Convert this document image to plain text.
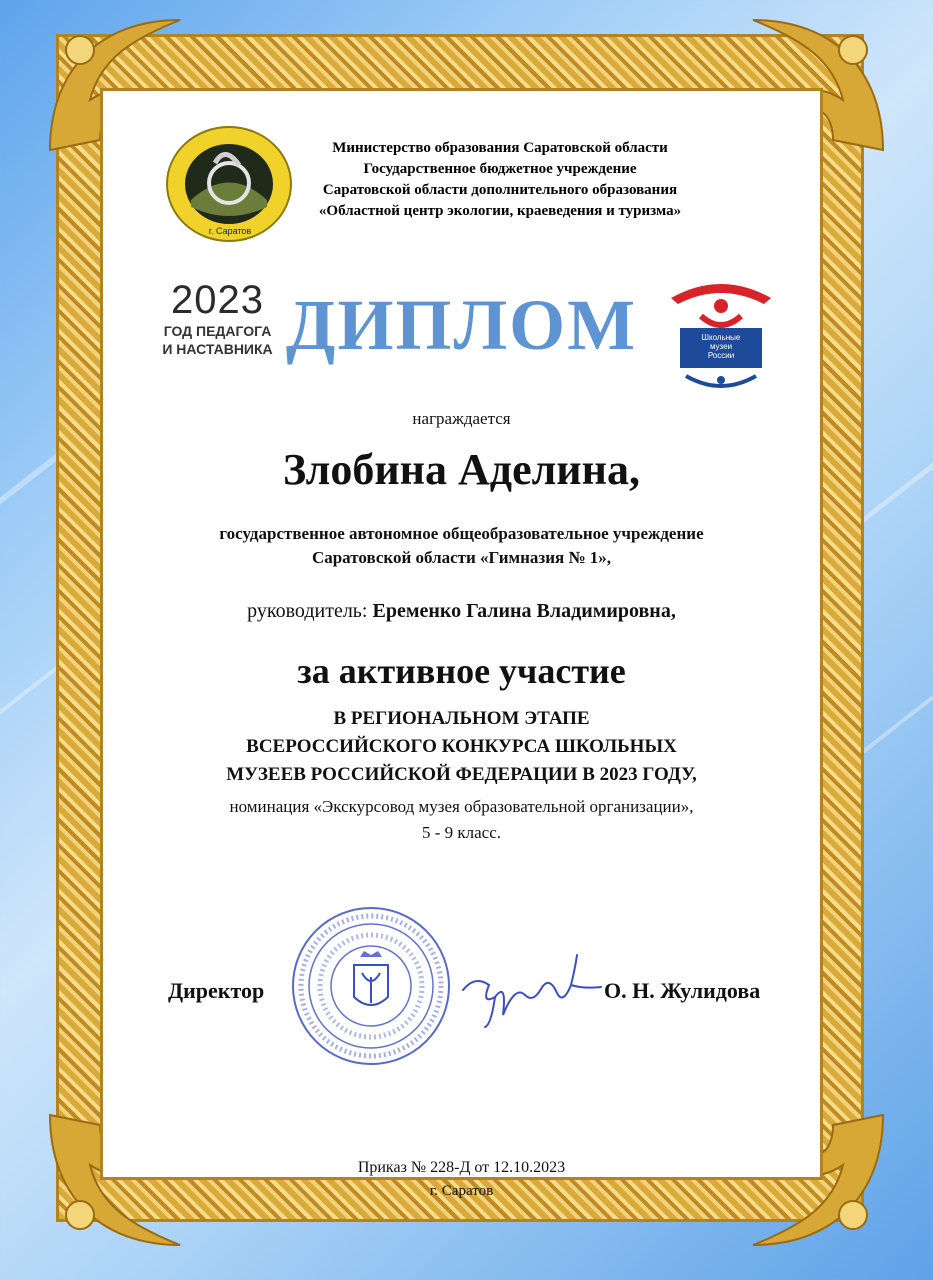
г. Саратов
Министерство образования Саратовской области
Государственное бюджетное учреждение
Саратовской области дополнительного образования
«Областной центр экологии, краеведения и туризма»
2023
ГОД ПЕДАГОГА
И НАСТАВНИКА ДИПЛОМ	Школьные
музеи
России
награждается
Злобина Аделина,
государственное автономное общеобразовательное учреждение
Саратовской области «Гимназия № 1»,
руководитель: Еременко Галина Владимировна,
за активное участие
В РЕГИОНАЛЬНОМ ЭТАПЕ
ВСЕРОССИЙСКОГО КОНКУРСА ШКОЛЬНЫХ
МУЗЕЕВ РОССИЙСКОЙ ФЕДЕРАЦИИ В 2023 ГОДУ,
номинация «Экскурсовод музея образовательной организации»,
5 - 9 класс.
Директор	О. Н. Жулидова
Приказ № 228-Д от 12.10.2023
г. Саратов
